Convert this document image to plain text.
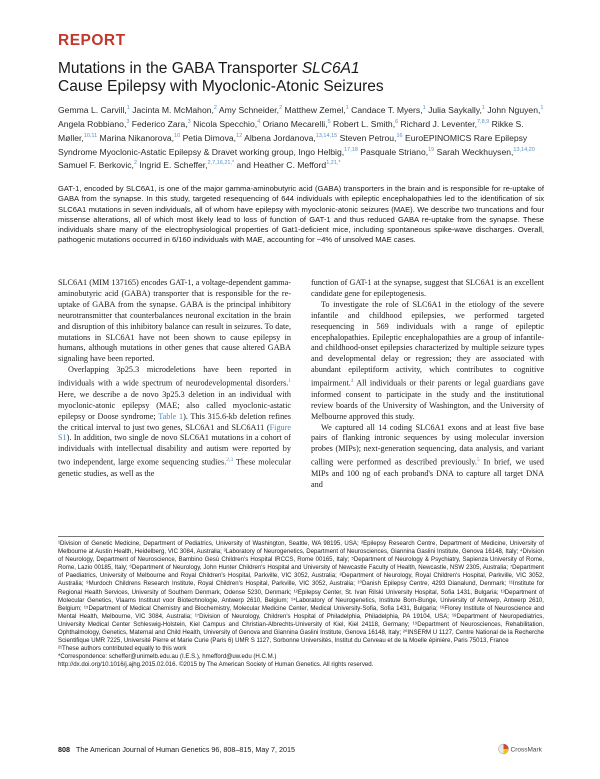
REPORT
Mutations in the GABA Transporter SLC6A1
Cause Epilepsy with Myoclonic-Atonic Seizures
Gemma L. Carvill,$^1$ Jacinta M. McMahon,$^2$ Amy Schneider,$^2$ Matthew Zemel,$^1$ Candace T. Myers,$^1$ Julia Saykally,$^1$ John Nguyen,$^1$ Angela Robbiano,$^3$ Federico Zara,$^3$ Nicola Specchio,$^4$ Oriano Mecarelli,$^5$ Robert L. Smith,$^6$ Richard J. Leventer,$^{7,8,9}$ Rikke S. Møller,$^{10,11}$ Marina Nikanorova,$^{10}$ Petia Dimova,$^{12}$ Albena Jordanova,$^{13,14,15}$ Steven Petrou,$^{16}$ EuroEPINOMICS Rare Epilepsy Syndrome Myoclonic-Astatic Epilepsy & Dravet working group, Ingo Helbig,$^{17,18}$ Pasquale Striano,$^{19}$ Sarah Weckhuysen,$^{13,14,20}$ Samuel F. Berkovic,$^2$ Ingrid E. Scheffer,$^{2,7,16,21,*}$ and Heather C. Mefford$^{1,21,*}$
GAT-1, encoded by SLC6A1, is one of the major gamma-aminobutyric acid (GABA) transporters in the brain and is responsible for re-uptake of GABA from the synapse. In this study, targeted resequencing of 644 individuals with epileptic encephalopathies led to the identification of six SLC6A1 mutations in seven individuals, all of whom have epilepsy with myoclonic-atonic seizures (MAE). We describe two truncations and four missense alterations, all of which most likely lead to loss of function of GAT-1 and thus reduced GABA re-uptake from the synapse. These individuals share many of the electrophysiological properties of Gat1-deficient mice, including spontaneous spike-wave discharges. Overall, pathogenic mutations occurred in 6/160 individuals with MAE, accounting for ~4% of unsolved MAE cases.

SLC6A1 (MIM 137165) encodes GAT-1, a voltage-dependent gamma-aminobutyric acid (GABA) transporter that is responsible for the re-uptake of GABA from the synapse. GABA is the principal inhibitory neurotransmitter that counterbalances neuronal excitation in the brain and disruption of this inhibitory balance can result in seizures. To date, mutations in SLC6A1 have not been shown to cause epilepsy in humans, although mutations in other genes that cause altered GABA signaling have been reported.

Overlapping 3p25.3 microdeletions have been reported in individuals with a wide spectrum of neurodevelopmental disorders.$^1$ Here, we describe a de novo 3p25.3 deletion in an individual with myoclonic-atonic epilepsy (MAE; also called myoclonic-astatic epilepsy or Doose syndrome; Table 1). This 315.6-kb deletion refines the critical interval to just two genes, SLC6A1 and SLC6A11 (Figure S1). In addition, two single de novo SLC6A1 mutations in a cohort of individuals with intellectual disability and autism were reported by two independent, large exome sequencing studies.$^{2,3}$ These molecular genetic studies, as well as the

function of GAT-1 at the synapse, suggest that SLC6A1 is an excellent candidate gene for epileptogenesis.

To investigate the role of SLC6A1 in the etiology of the severe infantile and childhood epilepsies, we performed targeted resequencing in 569 individuals with a range of epileptic encephalopathies. Epileptic encephalopathies are a group of infantile- and childhood-onset epilepsies characterized by multiple seizure types and developmental delay or regression; they are associated with abundant epileptiform activity, which contributes to cognitive impairment.$^4$ All individuals or their parents or legal guardians gave informed consent to participate in the study and the institutional review boards of the University of Washington, and the University of Melbourne approved this study.

We captured all 14 coding SLC6A1 exons and at least five base pairs of flanking intronic sequences by using molecular inversion probes (MIPs); next-generation sequencing, data analysis, and variant calling were performed as described previously.$^5$ In brief, we used MIPs and 100 ng of each proband's DNA to capture all target DNA and

¹Division of Genetic Medicine, Department of Pediatrics, University of Washington, Seattle, WA 98195, USA; ²Epilepsy Research Centre, Department of Medicine, University of Melbourne at Austin Health, Heidelberg, VIC 3084, Australia; ³Laboratory of Neurogenetics, Department of Neurosciences, Giannina Gaslini Institute, Genova 16148, Italy; ⁴Division of Neurology, Department of Neuroscience, Bambino Gesù Children's Hospital IRCCS, Rome 00165, Italy; ⁵Department of Neurology & Psychiatry, Sapienza University of Rome, Rome, Lazio 00185, Italy; ⁶Department of Neurology, John Hunter Children's Hospital and University of Newcastle Faculty of Health, Newcastle, NSW 2305, Australia; ⁷Department of Paediatrics, University of Melbourne and Royal Children's Hospital, Parkville, VIC 3052, Australia; ⁸Department of Neurology, Royal Children's Hospital, Parkville, VIC 3052, Australia; ⁹Murdoch Childrens Research Institute, Royal Children's Hospital, Parkville, VIC 3052, Australia; ¹⁰Danish Epilepsy Centre, 4293 Dianalund, Denmark; ¹¹Institute for Regional Health Services, University of Southern Denmark, Odense 5230, Denmark; ¹²Epilepsy Center, St. Ivan Rilski University Hospital, Sofia 1431, Bulgaria; ¹³Department of Molecular Genetics, Vlaams Instituut voor Biotechnologie, Antwerp 2610, Belgium; ¹⁴Laboratory of Neurogenetics, Institute Born-Bunge, University of Antwerp, Antwerp 2610, Belgium; ¹⁵Department of Medical Chemistry and Biochemistry, Molecular Medicine Center, Medical University-Sofia, Sofia 1431, Bulgaria; ¹⁶Florey Institute of Neuroscience and Mental Health, Melbourne, VIC 3084, Australia; ¹⁷Division of Neurology, Children's Hospital of Philadelphia, Philadelphia, PA 19104, USA; ¹⁸Department of Neuropediatrics, University Medical Center Schleswig-Holstein, Kiel Campus and Christian-Albrechts-University of Kiel, Kiel 24118, Germany; ¹⁹Department of Neurosciences, Rehabilitation, Ophthalmology, Genetics, Maternal and Child Health, University of Genova and Giannina Gaslini Institute, Genova 16148, Italy; ²⁰INSERM U 1127, Centre National de la Recherche Scientifique UMR 7225, Université Pierre et Marie Curie (Paris 6) UMR S 1127, Sorbonne Universités, Institut du Cerveau et de la Moelle épinière, Paris 75013, France

²¹These authors contributed equally to this work

*Correspondence: scheffer@unimelb.edu.au (I.E.S.), hmefford@uw.edu (H.C.M.)

http://dx.doi.org/10.1016/j.ajhg.2015.02.016. ©2015 by The American Society of Human Genetics. All rights reserved.

808 The American Journal of Human Genetics 96, 808–815, May 7, 2015	CrossMark
